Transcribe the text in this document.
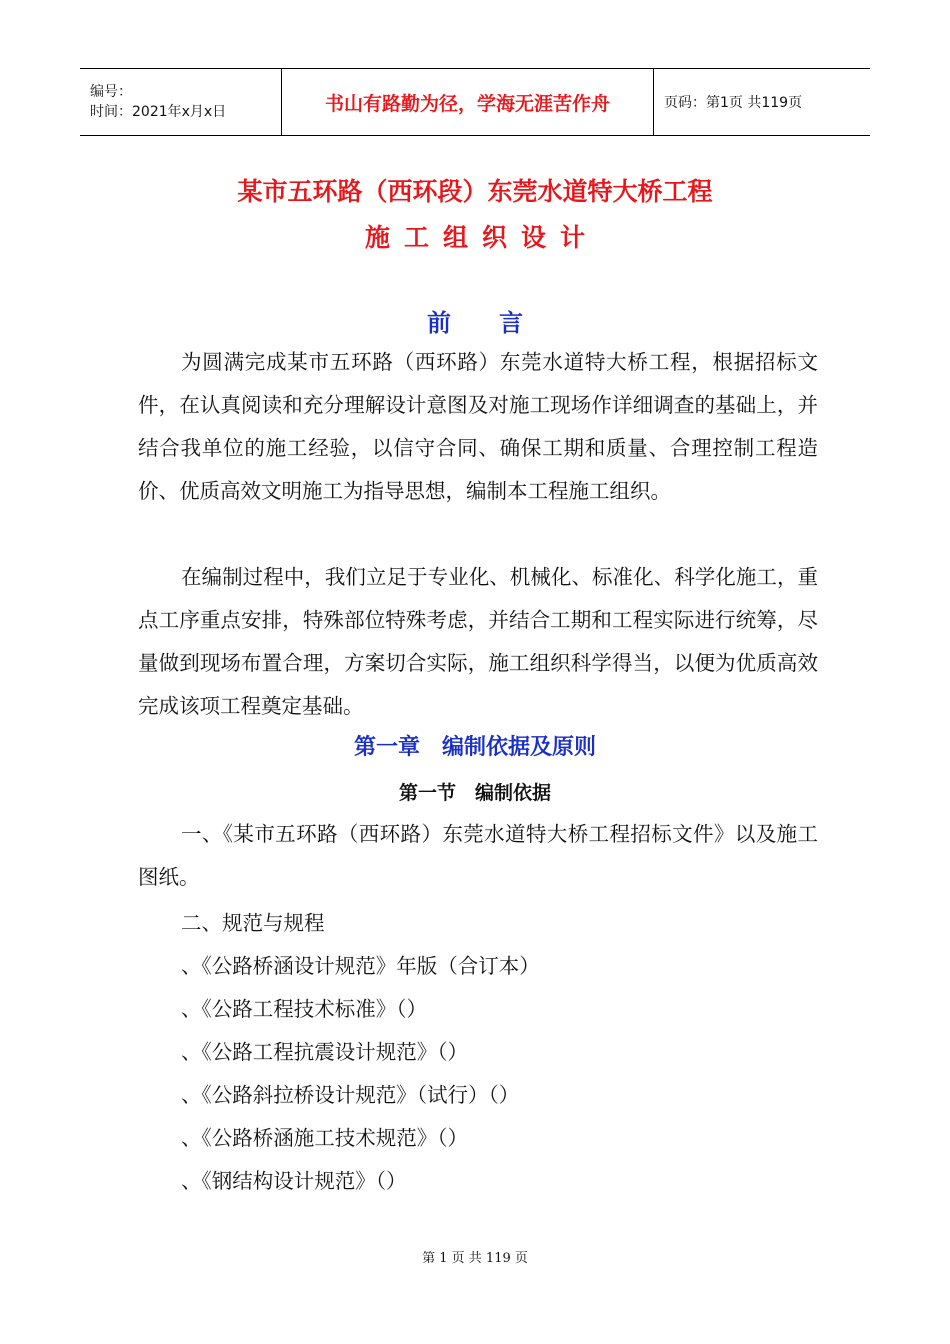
编号：
时间：2021年x月x日	书山有路勤为径，学海无涯苦作舟	页码：第1页 共119页
某市五环路（西环段）东莞水道特大桥工程
施工组织设计
前言
为圆满完成某市五环路（西环路）东莞水道特大桥工程，根据招标文件，在认真阅读和充分理解设计意图及对施工现场作详细调查的基础上，并结合我单位的施工经验，以信守合同、确保工期和质量、合理控制工程造价、优质高效文明施工为指导思想，编制本工程施工组织。
在编制过程中，我们立足于专业化、机械化、标准化、科学化施工，重点工序重点安排，特殊部位特殊考虑，并结合工期和工程实际进行统筹，尽量做到现场布置合理，方案切合实际，施工组织科学得当，以便为优质高效完成该项工程奠定基础。
第一章　编制依据及原则
第一节　编制依据
一、《某市五环路（西环路）东莞水道特大桥工程招标文件》以及施工图纸。
二、规范与规程
、《公路桥涵设计规范》年版（合订本）
、《公路工程技术标准》（）
、《公路工程抗震设计规范》（）
、《公路斜拉桥设计规范》（试行）（）
、《公路桥涵施工技术规范》（）
、《钢结构设计规范》（）
第 1 页 共 119 页
